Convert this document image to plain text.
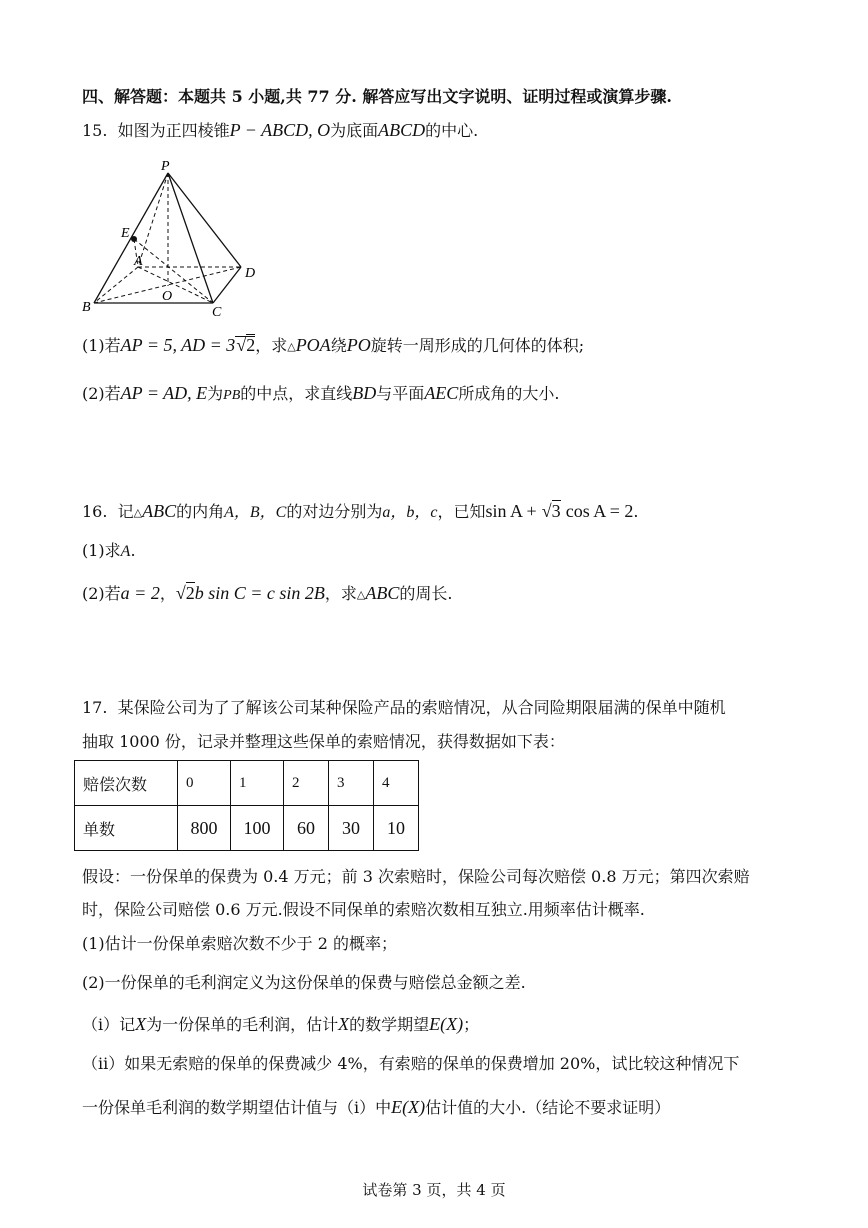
四、解答题：本题共 5 小题,共 77 分. 解答应写出文字说明、证明过程或演算步骤.
15. 如图为正四棱锥P − ABCD, O为底面ABCD的中心.
P
E
A
D
B
O
C
(1)若AP = 5, AD = 3√2，求△POA绕PO旋转一周形成的几何体的体积;
(2)若AP = AD, E为PB的中点，求直线BD与平面AEC所成角的大小.
16. 记△ABC的内角A，B，C的对边分别为a，b，c，已知sin A + √3 cos A = 2.
(1)求A.
(2)若a = 2，√2b sin C = c sin 2B，求△ABC的周长.
17. 某保险公司为了了解该公司某种保险产品的索赔情况，从合同险期限届满的保单中随机
抽取 1000 份，记录并整理这些保单的索赔情况，获得数据如下表：
赔偿次数	0	1	2	3	4
单数	800	100	60	30	10
假设：一份保单的保费为 0.4 万元；前 3 次索赔时，保险公司每次赔偿 0.8 万元；第四次索赔
时，保险公司赔偿 0.6 万元.假设不同保单的索赔次数相互独立.用频率估计概率.
(1)估计一份保单索赔次数不少于 2 的概率；
(2)一份保单的毛利润定义为这份保单的保费与赔偿总金额之差.
（i）记X为一份保单的毛利润，估计X的数学期望E(X)；
（ii）如果无索赔的保单的保费减少 4%，有索赔的保单的保费增加 20%，试比较这种情况下
一份保单毛利润的数学期望估计值与（i）中E(X)估计值的大小.（结论不要求证明）
试卷第 3 页，共 4 页
